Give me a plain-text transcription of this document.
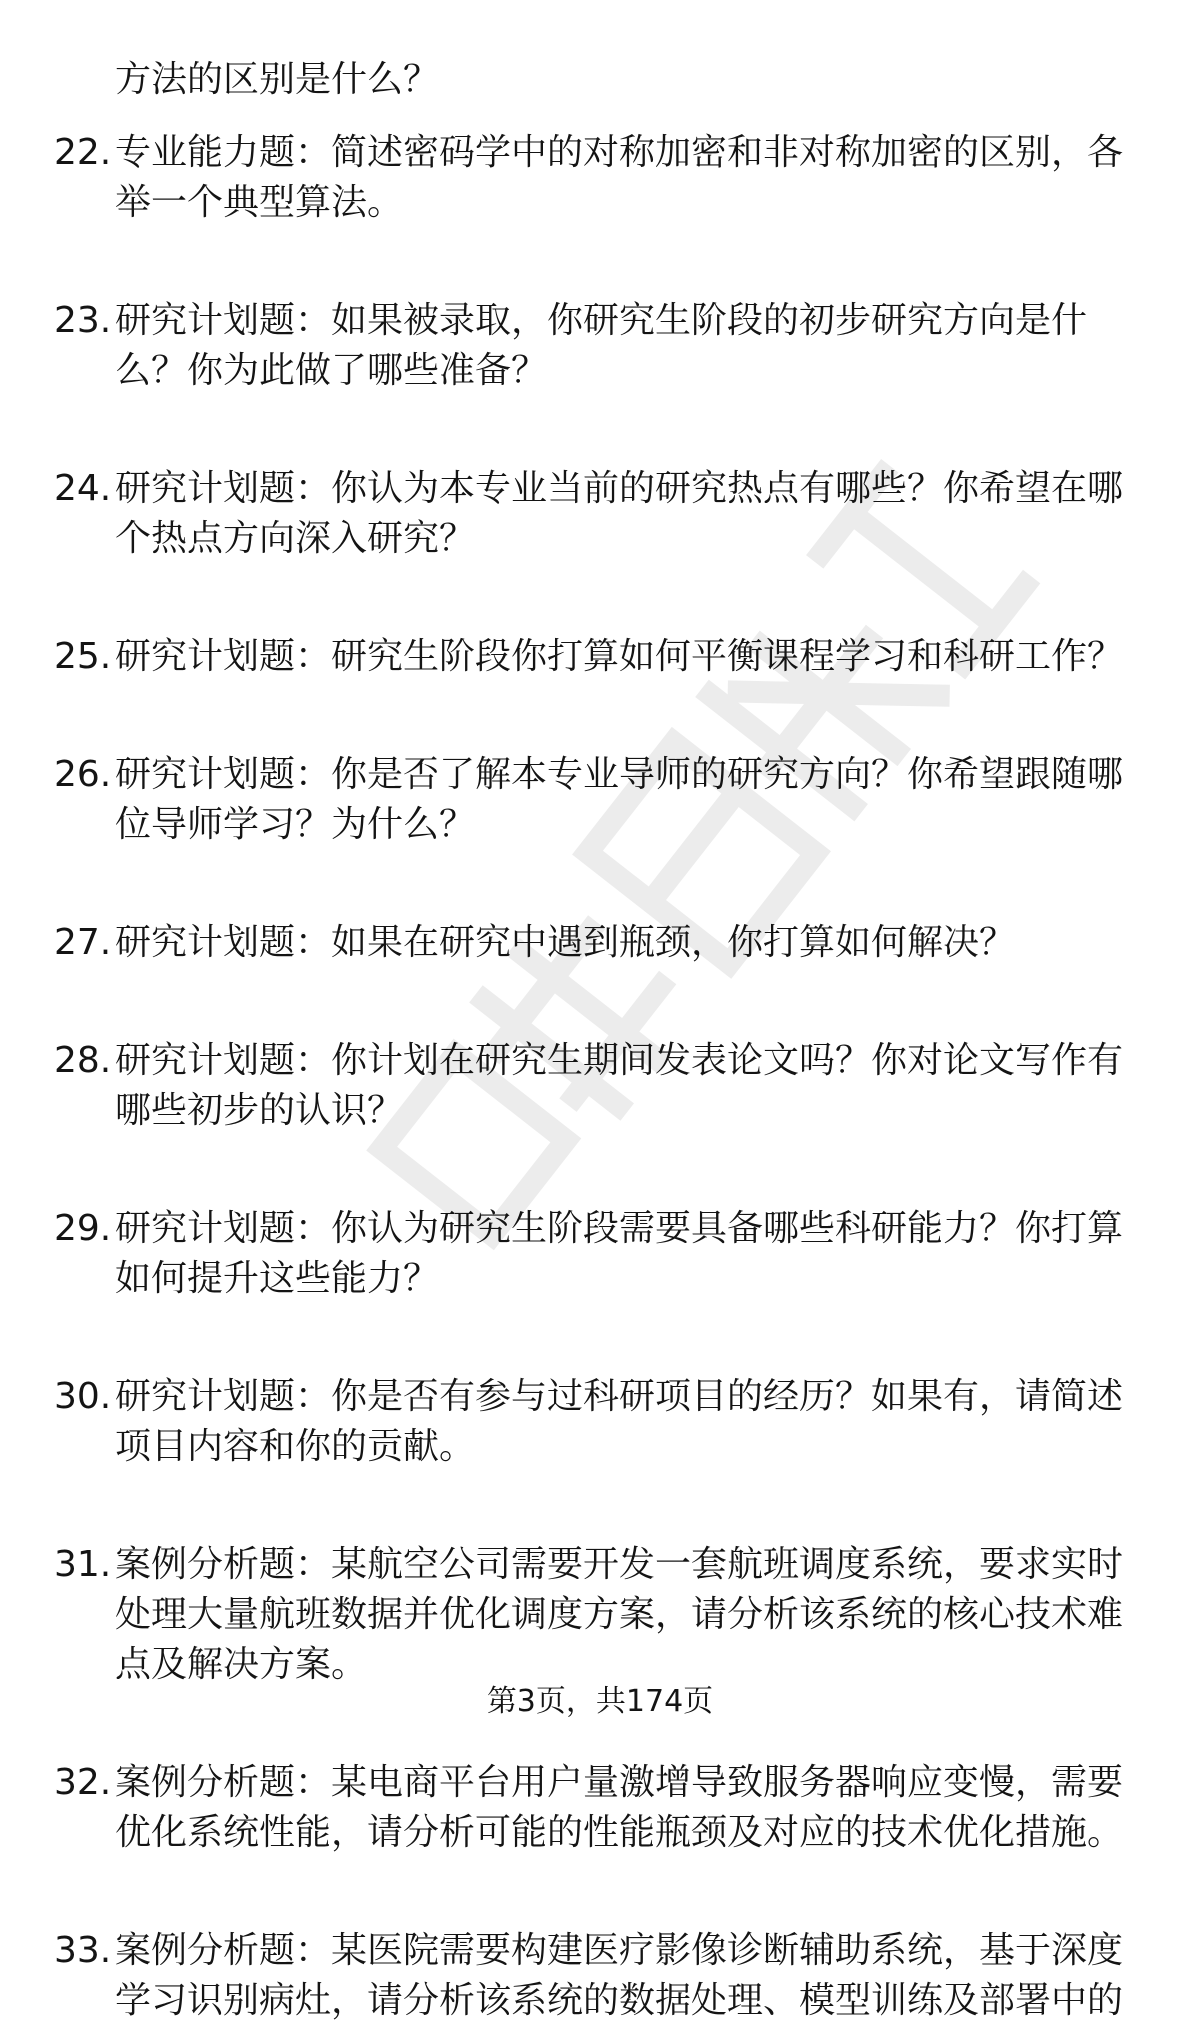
方法的区别是什么？
22. 专业能力题：简述密码学中的对称加密和非对称加密的区别，各
举一个典型算法。
23. 研究计划题：如果被录取，你研究生阶段的初步研究方向是什
么？你为此做了哪些准备？
24. 研究计划题：你认为本专业当前的研究热点有哪些？你希望在哪
个热点方向深入研究？
25. 研究计划题：研究生阶段你打算如何平衡课程学习和科研工作？
26. 研究计划题：你是否了解本专业导师的研究方向？你希望跟随哪
位导师学习？为什么？
27. 研究计划题：如果在研究中遇到瓶颈，你打算如何解决？
28. 研究计划题：你计划在研究生期间发表论文吗？你对论文写作有
哪些初步的认识？
29. 研究计划题：你认为研究生阶段需要具备哪些科研能力？你打算
如何提升这些能力？
30. 研究计划题：你是否有参与过科研项目的经历？如果有，请简述
项目内容和你的贡献。
31. 案例分析题：某航空公司需要开发一套航班调度系统，要求实时
处理大量航班数据并优化调度方案，请分析该系统的核心技术难
点及解决方案。
32. 案例分析题：某电商平台用户量激增导致服务器响应变慢，需要
优化系统性能，请分析可能的性能瓶颈及对应的技术优化措施。
33. 案例分析题：某医院需要构建医疗影像诊断辅助系统，基于深度
学习识别病灶，请分析该系统的数据处理、模型训练及部署中的
第3页，共174页
